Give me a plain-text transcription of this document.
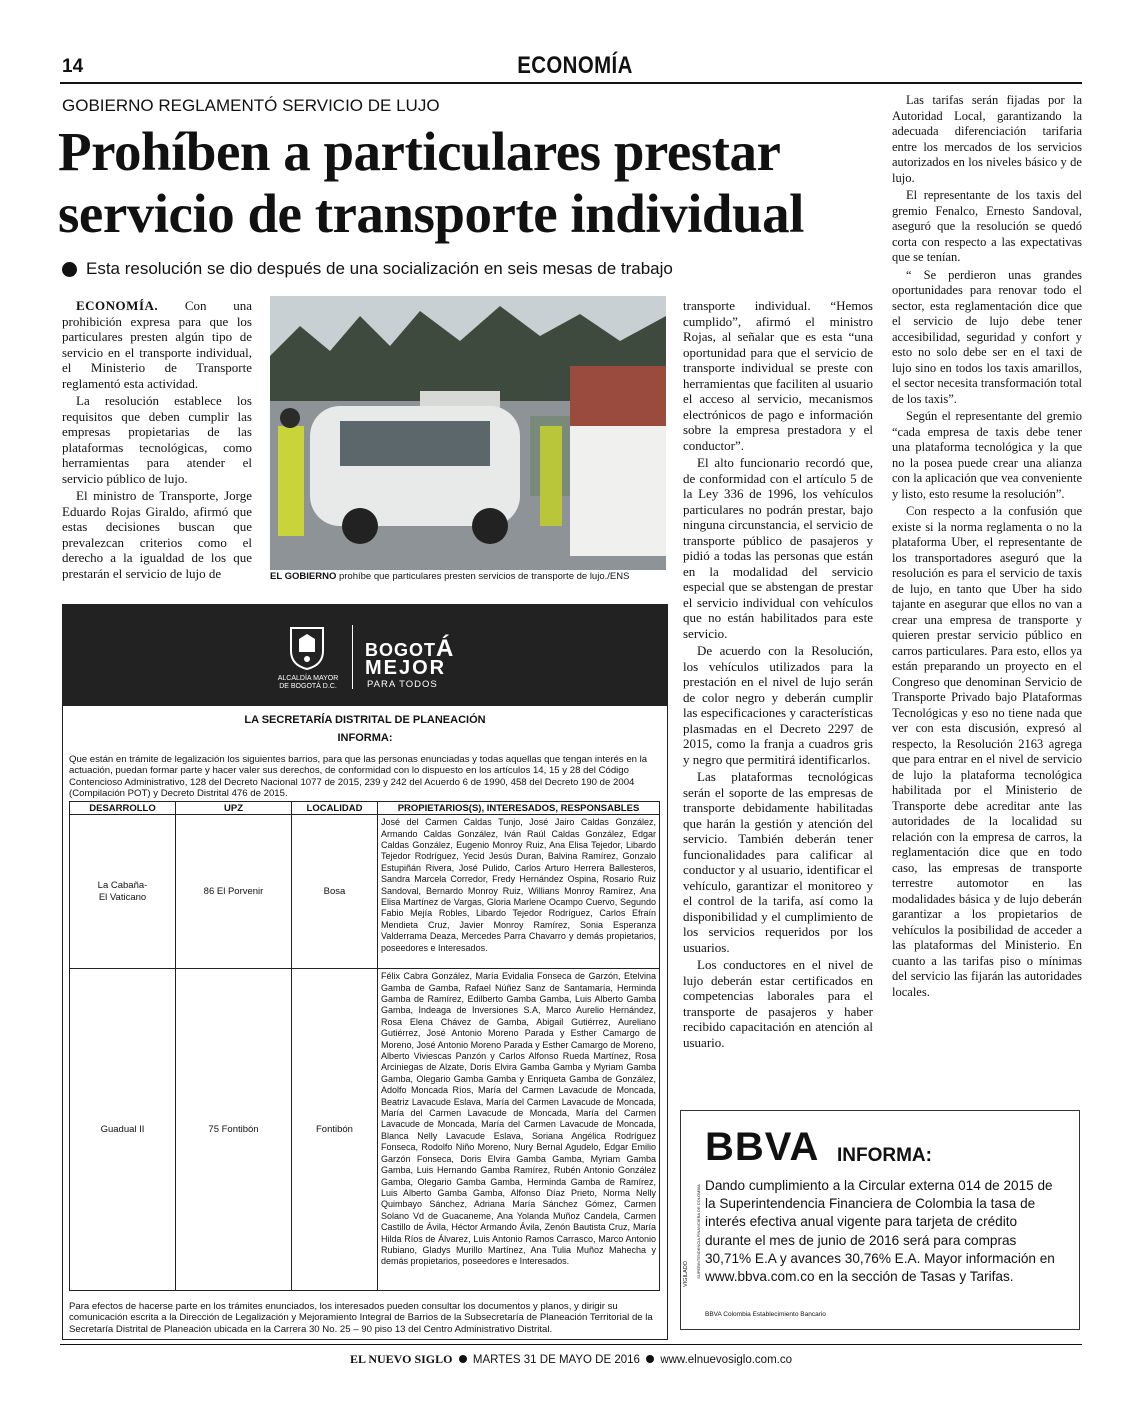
14	ECONOMÍA
GOBIERNO REGLAMENTÓ SERVICIO DE LUJO
Prohíben a particulares prestar
servicio de transporte individual
Esta resolución se dio después de una socialización en seis mesas de trabajo

ECONOMÍA. Con una prohibición expresa para que los particulares presten algún tipo de servicio en el transporte individual, el Ministerio de Transporte reglamentó esta actividad.

La resolución establece los requisitos que deben cumplir las empresas propietarias de las plataformas tecnológicas, como herramientas para atender el servicio público de lujo.

El ministro de Transporte, Jorge Eduardo Rojas Giraldo, afirmó que estas decisiones buscan que prevalezcan criterios como el derecho a la igualdad de los que prestarán el servicio de lujo de	EL GOBIERNO prohíbe que particulares presten servicios de transporte de lujo./ENS

transporte individual. “Hemos cumplido”, afirmó el ministro Rojas, al señalar que es esta “una oportunidad para que el servicio de transporte individual se preste con herramientas que faciliten al usuario el acceso al servicio, mecanismos electrónicos de pago e información sobre la empresa prestadora y el conductor”.

El alto funcionario recordó que, de conformidad con el artículo 5 de la Ley 336 de 1996, los vehículos particulares no podrán prestar, bajo ninguna circunstancia, el servicio de transporte público de pasajeros y pidió a todas las personas que están en la modalidad del servicio especial que se abstengan de prestar el servicio individual con vehículos que no están habilitados para este servicio.

De acuerdo con la Resolución, los vehículos utilizados para la prestación en el nivel de lujo serán de color negro y deberán cumplir las especificaciones y características plasmadas en el Decreto 2297 de 2015, como la franja a cuadros gris y negro que permitirá identificarlos.

Las plataformas tecnológicas serán el soporte de las empresas de transporte debidamente habilitadas que harán la gestión y atención del servicio. También deberán tener funcionalidades para calificar al conductor y al usuario, identificar el vehículo, garantizar el monitoreo y el control de la tarifa, así como la disponibilidad y el cumplimiento de los servicios requeridos por los usuarios.

Los conductores en el nivel de lujo deberán estar certificados en competencias laborales para el transporte de pasajeros y haber recibido capacitación en atención al usuario.

Las tarifas serán fijadas por la Autoridad Local, garantizando la adecuada diferenciación tarifaria entre los mercados de los servicios autorizados en los niveles básico y de lujo.

El representante de los taxis del gremio Fenalco, Ernesto Sandoval, aseguró que la resolución se quedó corta con respecto a las expectativas que se tenían.

“ Se perdieron unas grandes oportunidades para renovar todo el sector, esta reglamentación dice que el servicio de lujo debe tener accesibilidad, seguridad y confort y esto no solo debe ser en el taxi de lujo sino en todos los taxis amarillos, el sector necesita transformación total de los taxis”.

Según el representante del gremio “cada empresa de taxis debe tener una plataforma tecnológica y la que no la posea puede crear una alianza con la aplicación que vea conveniente y listo, esto resume la resolución”.

Con respecto a la confusión que existe si la norma reglamenta o no la plataforma Uber, el representante de los transportadores aseguró que la resolución es para el servicio de taxis de lujo, en tanto que Uber ha sido tajante en asegurar que ellos no van a crear una empresa de transporte y quieren prestar servicio público en carros particulares. Para esto, ellos ya están preparando un proyecto en el Congreso que denominan Servicio de Transporte Privado bajo Plataformas Tecnológicas y eso no tiene nada que ver con esta discusión, expresó al respecto, la Resolución 2163 agrega que para entrar en el nivel de servicio de lujo la plataforma tecnológica habilitada por el Ministerio de Transporte debe acreditar ante las autoridades de la localidad su relación con la empresa de carros, la reglamentación dice que en todo caso, las empresas de transporte terrestre automotor en las modalidades básica y de lujo deberán garantizar a los propietarios de vehículos la posibilidad de acceder a las plataformas del Ministerio. En cuanto a las tarifas piso o mínimas del servicio las fijarán las autoridades locales.

ALCALDÍA MAYOR
DE BOGOTÁ D.C.
BOGOTÁ
MEJOR
PARA TODOS
LA SECRETARÍA DISTRITAL DE PLANEACIÓN
INFORMA:
Que están en trámite de legalización los siguientes barrios, para que las personas enunciadas y todas aquellas que tengan interés en la actuación, puedan formar parte y hacer valer sus derechos, de conformidad con lo dispuesto en los artículos 14, 15 y 28 del Código Contencioso Administrativo, 128 del Decreto Nacional 1077 de 2015, 239 y 242 del Acuerdo 6 de 1990, 458 del Decreto 190 de 2004 (Compilación POT) y Decreto Distrital 476 de 2015.
DESARROLLO	UPZ	LOCALIDAD	PROPIETARIOS(S), INTERESADOS, RESPONSABLES
La Cabaña-
El Vaticano	86 El Porvenir	Bosa	José del Carmen Caldas Tunjo, José Jairo Caldas González, Armando Caldas González, Iván Raúl Caldas González, Edgar Caldas González, Eugenio Monroy Ruiz, Ana Elisa Tejedor, Libardo Tejedor Rodríguez, Yecid Jesús Duran, Balvina Ramírez, Gonzalo Estupiñán Rivera, José Pulido, Carlos Arturo Herrera Ballesteros, Sandra Marcela Corredor, Fredy Hernández Ospina, Rosario Ruiz Sandoval, Bernardo Monroy Ruiz, Willians Monroy Ramírez, Ana Elisa Martínez de Vargas, Gloria Marlene Ocampo Cuervo, Segundo Fabio Mejía Robles, Libardo Tejedor Rodríguez, Carlos Efraín Mendieta Cruz, Javier Monroy Ramírez, Sonia Esperanza Valderrama Deaza, Mercedes Parra Chavarro y demás propietarios, poseedores e Interesados.
Guadual II	75 Fontibón	Fontibón	Félix Cabra González, María Evidalia Fonseca de Garzón, Etelvina Gamba de Gamba, Rafael Núñez Sanz de Santamaría, Herminda Gamba de Ramírez, Edilberto Gamba Gamba, Luis Alberto Gamba Gamba, Indeaga de Inversiones S.A, Marco Aurelio Hernández, Rosa Elena Chávez de Gamba, Abigail Gutiérrez, Aureliano Gutiérrez, José Antonio Moreno Parada y Esther Camargo de Moreno, José Antonio Moreno Parada y Esther Camargo de Moreno, Alberto Viviescas Panzón y Carlos Alfonso Rueda Martínez, Rosa Arciniegas de Alzate, Doris Elvira Gamba Gamba y Myriam Gamba Gamba, Olegario Gamba Gamba y Enriqueta Gamba de González, Adolfo Moncada Ríos, María del Carmen Lavacude de Moncada, Beatriz Lavacude Eslava, María del Carmen Lavacude de Moncada, María del Carmen Lavacude de Moncada, María del Carmen Lavacude de Moncada, María del Carmen Lavacude de Moncada, Blanca Nelly Lavacude Eslava, Soriana Angélica Rodríguez Fonseca, Rodolfo Niño Moreno, Nury Bernal Agudelo, Edgar Emilio Garzón Fonseca, Doris Elvira Gamba Gamba, Myriam Gamba Gamba, Luis Hernando Gamba Ramírez, Rubén Antonio González Gamba, Olegario Gamba Gamba, Herminda Gamba de Ramírez, Luis Alberto Gamba Gamba, Alfonso Díaz Prieto, Norma Nelly Quimbayo Sánchez, Adriana María Sánchez Gómez, Carmen Solano Vd de Guacaneme, Ana Yolanda Muñoz Candela, Carmen Castillo de Ávila, Héctor Armando Ávila, Zenón Bautista Cruz, María Hilda Ríos de Álvarez, Luis Antonio Ramos Carrasco, Marco Antonio Rubiano, Gladys Murillo Martínez, Ana Tulia Muñoz Mahecha y demás propietarios, poseedores e Interesados.
Para efectos de hacerse parte en los trámites enunciados, los interesados pueden consultar los documentos y planos, y dirigir su comunicación escrita a la Dirección de Legalización y Mejoramiento Integral de Barrios de la Subsecretaría de Planeación Territorial de la Secretaría Distrital de Planeación ubicada en la Carrera 30 No. 25 – 90 piso 13 del Centro Administrativo Distrital.
BBVA INFORMA:
VIGILADO SUPERINTENDENCIA FINANCIERA DE COLOMBIA Dando cumplimiento a la Circular externa 014 de 2015 de la Superintendencia Financiera de Colombia la tasa de interés efectiva anual vigente para tarjeta de crédito durante el mes de junio de 2016 será para compras 30,71% E.A y avances 30,76% E.A. Mayor información en www.bbva.com.co en la sección de Tasas y Tarifas.
BBVA Colombia Establecimiento Bancario
EL NUEVO SIGLO MARTES 31 DE MAYO DE 2016 www.elnuevosiglo.com.co
